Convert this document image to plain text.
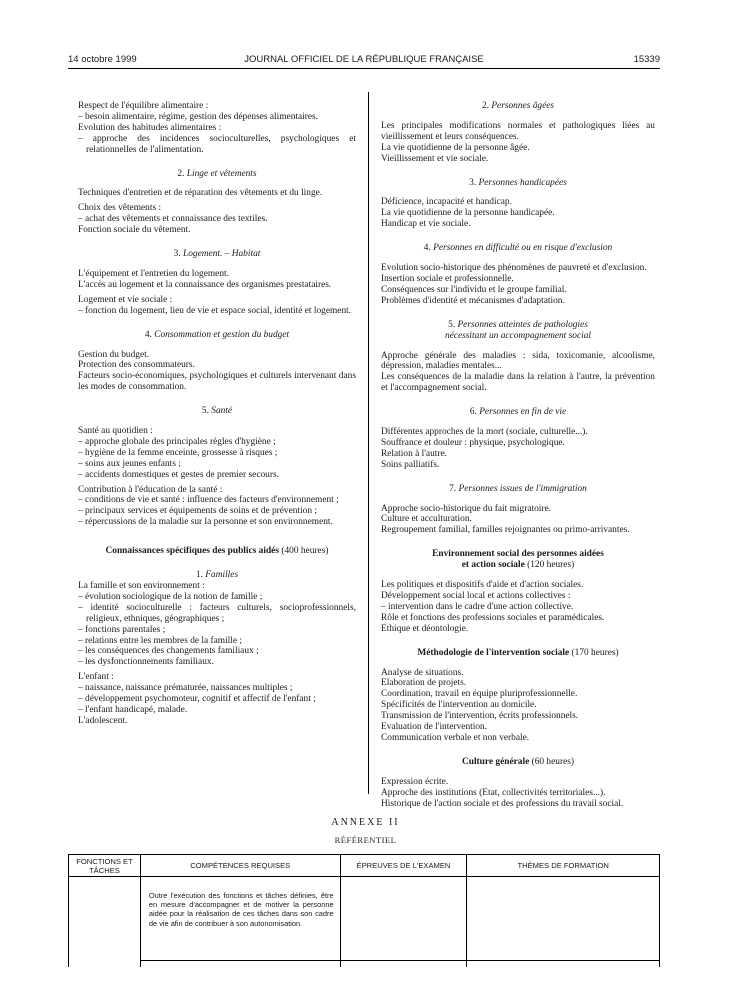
14 octobre 1999	JOURNAL OFFICIEL DE LA RÉPUBLIQUE FRANÇAISE	15339

Respect de l'équilibre alimentaire :

– besoin alimentaire, régime, gestion des dépenses alimentaires.

Evolution des habitudes alimentaires :

– approche des incidences socioculturelles, psychologiques et relationnelles de l'alimentation.

2. Linge et vêtements

Techniques d'entretien et de réparation des vêtements et du linge.

Choix des vêtements :

– achat des vêtements et connaissance des textiles.

Fonction sociale du vêtement.

3. Logement. – Habitat

L'équipement et l'entretien du logement.

L'accès au logement et la connaissance des organismes prestataires.

Logement et vie sociale :

– fonction du logement, lieu de vie et espace social, identité et logement.

4. Consommation et gestion du budget

Gestion du budget.

Protection des consommateurs.

Facteurs socio-économiques, psychologiques et culturels intervenant dans les modes de consommation.

5. Santé

Santé au quotidien :

– approche globale des principales règles d'hygiène ;

– hygiène de la femme enceinte, grossesse à risques ;

– soins aux jeunes enfants ;

– accidents domestiques et gestes de premier secours.

Contribution à l'éducation de la santé :

– conditions de vie et santé : influence des facteurs d'environnement ;

– principaux services et équipements de soins et de prévention ;

– répercussions de la maladie sur la personne et son environnement.

Connaissances spécifiques des publics aidés (400 heures)
1. Familles

La famille et son environnement :

– évolution sociologique de la notion de famille ;

– identité socioculturelle : facteurs culturels, socioprofessionnels, religieux, ethniques, géographiques ;

– fonctions parentales ;

– relations entre les membres de la famille ;

– les conséquences des changements familiaux ;

– les dysfonctionnements familiaux.

L'enfant :

– naissance, naissance prématurée, naissances multiples ;

– développement psychomoteur, cognitif et affectif de l'enfant ;

– l'enfant handicapé, malade.

L'adolescent.

2. Personnes âgées

Les principales modifications normales et pathologiques liées au vieillissement et leurs conséquences.

La vie quotidienne de la personne âgée.

Vieillissement et vie sociale.

3. Personnes handicapées

Déficience, incapacité et handicap.

La vie quotidienne de la personne handicapée.

Handicap et vie sociale.

4. Personnes en difficulté ou en risque d'exclusion

Evolution socio-historique des phénomènes de pauvreté et d'exclusion.

Insertion sociale et professionnelle.

Conséquences sur l'individu et le groupe familial.

Problèmes d'identité et mécanismes d'adaptation.

5. Personnes atteintes de pathologies
nécessitant un accompagnement social

Approche générale des maladies : sida, toxicomanie, alcoolisme, dépression, maladies mentales...

Les conséquences de la maladie dans la relation à l'autre, la prévention et l'accompagnement social.

6. Personnes en fin de vie

Différentes approches de la mort (sociale, culturelle...).

Souffrance et douleur : physique, psychologique.

Relation à l'autre.

Soins palliatifs.

7. Personnes issues de l'immigration

Approche socio-historique du fait migratoire.

Culture et acculturation.

Regroupement familial, familles rejoignantes ou primo-arrivantes.

Environnement social des personnes aidées
et action sociale (120 heures)

Les politiques et dispositifs d'aide et d'action sociales.

Développement social local et actions collectives :

– intervention dans le cadre d'une action collective.

Rôle et fonctions des professions sociales et paramédicales.

Ethique et déontologie.

Méthodologie de l'intervention sociale (170 heures)

Analyse de situations.

Elaboration de projets.

Coordination, travail en équipe pluriprofessionnelle.

Spécificités de l'intervention au domicile.

Transmission de l'intervention, écrits professionnels.

Evaluation de l'intervention.

Communication verbale et non verbale.

Culture générale (60 heures)

Expression écrite.

Approche des institutions (Etat, collectivités territoriales...).

Historique de l'action sociale et des professions du travail social.

ANNEXE II
RÉFÉRENTIEL
FONCTIONS ET TÂCHES	COMPÉTENCES REQUISES	ÉPREUVES DE L'EXAMEN	THÈMES DE FORMATION

	Outre l'exécution des fonctions et tâches définies, être en mesure d'accompagner et de motiver la personne aidée pour la réalisation de ces tâches dans son cadre de vie afin de contribuer à son autonomisation.		
